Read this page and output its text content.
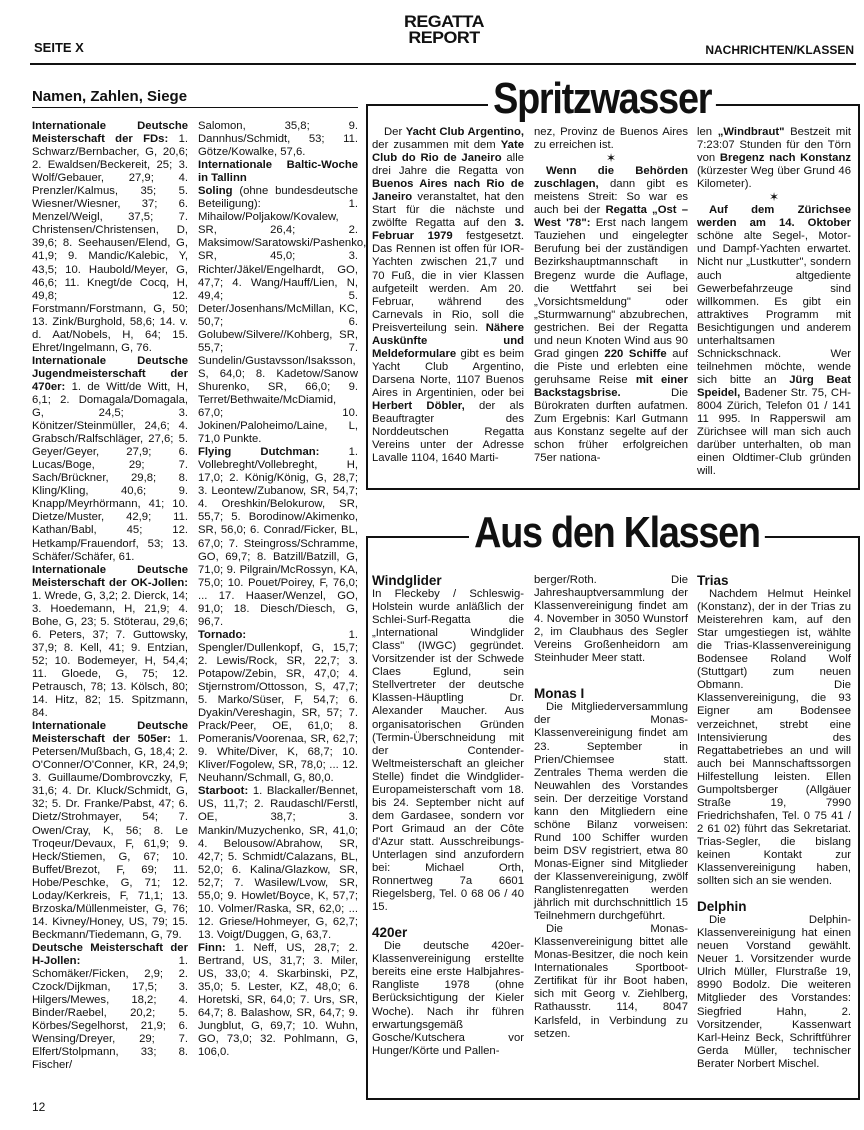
SEITE X
REGATTA
REPORT
NACHRICHTEN/KLASSEN
Namen, Zahlen, Siege

Internationale Deutsche Meisterschaft der FDs: 1. Schwarz/Bernbacher, G, 20,6; 2. Ewaldsen/Beckereit, 25; 3. Wolf/Gebauer, 27,9; 4. Prenzler/Kalmus, 35; 5. Wiesner/Wiesner, 37; 6. Menzel/Weigl, 37,5; 7. Christensen/Christensen, D, 39,6; 8. Seehausen/Elend, G, 41,9; 9. Mandic/Kalebic, Y, 43,5; 10. Haubold/Meyer, G, 46,6; 11. Knegt/de Cocq, H, 49,8; 12. Forstmann/Forstmann, G, 50; 13. Zink/Burghold, 58,6; 14. v. d. Aat/Nobels, H, 64; 15. Ehret/Ingelmann, G, 76.

Internationale Deutsche Jugendmeisterschaft der 470er: 1. de Witt/de Witt, H, 6,1; 2. Domagala/Domagala, G, 24,5; 3. Könitzer/Steinmüller, 24,6; 4. Grabsch/Ralfschläger, 27,6; 5. Geyer/Geyer, 27,9; 6. Lucas/Boge, 29; 7. Sach/Brückner, 29,8; 8. Kling/Kling, 40,6; 9. Knapp/Meyrhörmann, 41; 10. Dietze/Muster, 42,9; 11. Kathan/Babl, 45; 12. Hetkamp/Frauendorf, 53; 13. Schäfer/Schäfer, 61.

Internationale Deutsche Meisterschaft der OK-Jollen: 1. Wrede, G, 3,2; 2. Dierck, 14; 3. Hoedemann, H, 21,9; 4. Bohe, G, 23; 5. Stöterau, 29,6; 6. Peters, 37; 7. Guttowsky, 37,9; 8. Kell, 41; 9. Entzian, 52; 10. Bodemeyer, H, 54,4; 11. Gloede, G, 75; 12. Petrausch, 78; 13. Kölsch, 80; 14. Hitz, 82; 15. Spitzmann, 84.

Internationale Deutsche Meisterschaft der 505er: 1. Petersen/Mußbach, G, 18,4; 2. O'Conner/O'Conner, KR, 24,9; 3. Guillaume/Dombrovczky, F, 31,6; 4. Dr. Kluck/Schmidt, G, 32; 5. Dr. Franke/Pabst, 47; 6. Dietz/Strohmayer, 54; 7. Owen/Cray, K, 56; 8. Le Troqeur/Devaux, F, 61,9; 9. Heck/Stiemen, G, 67; 10. Buffet/Brezot, F, 69; 11. Hobe/Peschke, G, 71; 12. Loday/Kerkreis, F, 71,1; 13. Brzoska/Müllenmeister, G, 76; 14. Kivney/Honey, US, 79; 15. Beckmann/Tiedemann, G, 79.

Deutsche Meisterschaft der H-Jollen: 1. Schomäker/Ficken, 2,9; 2. Czock/Dijkman, 17,5; 3. Hilgers/Mewes, 18,2; 4. Binder/Raebel, 20,2; 5. Körbes/Segelhorst, 21,9; 6. Wensing/Dreyer, 29; 7. Elfert/Stolpmann, 33; 8. Fischer/

Salomon, 35,8; 9. Dannhus/Schmidt, 53; 11. Götze/Kowalke, 57,6.

Internationale Baltic-Woche in Tallinn

Soling (ohne bundesdeutsche Beteiligung): 1. Mihailow/Poljakow/Kovalew, SR, 26,4; 2. Maksimow/Saratowski/Pashenko, SR, 45,0; 3. Richter/Jäkel/Engelhardt, GO, 47,7; 4. Wang/Hauff/Lien, N, 49,4; 5. Deter/Josenhans/McMillan, KC, 50,7; 6. Golubew/Silvere//Kohberg, SR, 55,7; 7. Sundelin/Gustavsson/Isaksson, S, 64,0; 8. Kadetow/Sanow Shurenko, SR, 66,0; 9. Terret/Bethwaite/McDiamid, 67,0; 10. Jokinen/Paloheimo/Laine, L, 71,0 Punkte.

Flying Dutchman: 1. Vollebreght/Vollebreght, H, 17,0; 2. König/König, G, 28,7; 3. Leontew/Zubanow, SR, 54,7; 4. Oreshkin/Belokurow, SR, 55,7; 5. Borodinow/Akimenko, SR, 56,0; 6. Conrad/Ficker, BL, 67,0; 7. Steingross/Schramme, GO, 69,7; 8. Batzill/Batzill, G, 71,0; 9. Pilgrain/McRossyn, KA, 75,0; 10. Pouet/Poirey, F, 76,0; ... 17. Haaser/Wenzel, GO, 91,0; 18. Diesch/Diesch, G, 96,7.

Tornado: 1. Spengler/Dullenkopf, G, 15,7; 2. Lewis/Rock, SR, 22,7; 3. Potapow/Zebin, SR, 47,0; 4. Stjernstrom/Ottosson, S, 47,7; 5. Marko/Süser, F, 54,7; 6. Dyakin/Vereshagin, SR, 57; 7. Prack/Peer, OE, 61,0; 8. Pomeranis/Voorenaa, SR, 62,7; 9. White/Diver, K, 68,7; 10. Kliver/Fogolew, SR, 78,0; ... 12. Neuhann/Schmall, G, 80,0.

Starboot: 1. Blackaller/Bennet, US, 11,7; 2. Raudaschl/Ferstl, OE, 38,7; 3. Mankin/Muzychenko, SR, 41,0; 4. Belousow/Abrahow, SR, 42,7; 5. Schmidt/Calazans, BL, 52,0; 6. Kalina/Glazkow, SR, 52,7; 7. Wasilew/Lvow, SR, 55,0; 9. Howlet/Boyce, K, 57,7; 10. Volmer/Raska, SR, 62,0; ... 12. Griese/Hohmeyer, G, 62,7; 13. Voigt/Duggen, G, 63,7.

Finn: 1. Neff, US, 28,7; 2. Bertrand, US, 31,7; 3. Miler, US, 33,0; 4. Skarbinski, PZ, 35,0; 5. Lester, KZ, 48,0; 6. Horetski, SR, 64,0; 7. Urs, SR, 64,7; 8. Balashow, SR, 64,7; 9. Jungblut, G, 69,7; 10. Wuhn, GO, 73,0; 32. Pohlmann, G, 106,0.

Spritzwasser

Der Yacht Club Argentino, der zusammen mit dem Yate Club do Rio de Janeiro alle drei Jahre die Regatta von Buenos Aires nach Rio de Janeiro veranstaltet, hat den Start für die nächste und zwölfte Regatta auf den 3. Februar 1979 festgesetzt. Das Rennen ist offen für IOR-Yachten zwischen 21,7 und 70 Fuß, die in vier Klassen aufgeteilt werden. Am 20. Februar, während des Carnevals in Rio, soll die Preisverteilung sein. Nähere Auskünfte und Meldeformulare gibt es beim Yacht Club Argentino, Darsena Norte, 1107 Buenos Aires in Argentinien, oder bei Herbert Döbler, der als Beauftragter des Norddeutschen Regatta Vereins unter der Adresse Lavalle 1104, 1640 Marti-

nez, Provinz de Buenos Aires zu erreichen ist.

✶

Wenn die Behörden zuschlagen, dann gibt es meistens Streit: So war es auch bei der Regatta „Ost – West '78": Erst nach langem Tauziehen und eingelegter Berufung bei der zuständigen Bezirkshauptmannschaft in Bregenz wurde die Auflage, die Wettfahrt sei bei „Vorsichtsmeldung" oder „Sturmwarnung" abzubrechen, gestrichen. Bei der Regatta und neun Knoten Wind aus 90 Grad gingen 220 Schiffe auf die Piste und erlebten eine geruhsame Reise mit einer Backstagsbrise. Die Bürokraten durften aufatmen. Zum Ergebnis: Karl Gutmann aus Konstanz segelte auf der schon früher erfolgreichen 75er nationa-

len „Windbraut" Bestzeit mit 7:23:07 Stunden für den Törn von Bregenz nach Konstanz (kürzester Weg über Grund 46 Kilometer).

✶

Auf dem Zürichsee werden am 14. Oktober schöne alte Segel-, Motor- und Dampf-Yachten erwartet. Nicht nur „Lustkutter", sondern auch altgediente Gewerbefahrzeuge sind willkommen. Es gibt ein attraktives Programm mit Besichtigungen und anderem unterhaltsamen Schnickschnack. Wer teilnehmen möchte, wende sich bitte an Jürg Beat Speidel, Badener Str. 75, CH-8004 Zürich, Telefon 01 / 141 11 995. In Rapperswil am Zürichsee will man sich auch darüber unterhalten, ob man einen Oldtimer-Club gründen will.

Aus den Klassen
Windglider

In Fleckeby / Schleswig-Holstein wurde anläßlich der Schlei-Surf-Regatta die „International Windglider Class" (IWGC) gegründet. Vorsitzender ist der Schwede Claes Eglund, sein Stellvertreter der deutsche Klassen-Häuptling Dr. Alexander Maucher. Aus organisatorischen Gründen (Termin-Überschneidung mit der Contender-Weltmeisterschaft an gleicher Stelle) findet die Windglider-Europameisterschaft vom 18. bis 24. September nicht auf dem Gardasee, sondern vor Port Grimaud an der Côte d'Azur statt. Ausschreibungs-Unterlagen sind anzufordern bei: Michael Orth, Ronnertweg 7a 6601 Riegelsberg, Tel. 0 68 06 / 40 15.

420er

Die deutsche 420er-Klassenvereinigung erstellte bereits eine erste Halbjahres-Rangliste 1978 (ohne Berücksichtigung der Kieler Woche). Nach ihr führen erwartungsgemäß Gosche/Kutschera vor Hunger/Körte und Pallen-

berger/Roth. Die Jahreshauptversammlung der Klassenvereinigung findet am 4. November in 3050 Wunstorf 2, im Claubhaus des Segler Vereins Großenheidorn am Steinhuder Meer statt.

Monas I

Die Mitgliederversammlung der Monas-Klassenvereinigung findet am 23. September in Prien/Chiemsee statt. Zentrales Thema werden die Neuwahlen des Vorstandes sein. Der derzeitige Vorstand kann den Mitgliedern eine schöne Bilanz vorweisen: Rund 100 Schiffer wurden beim DSV registriert, etwa 80 Monas-Eigner sind Mitglieder der Klassenvereinigung, zwölf Ranglistenregatten werden jährlich mit durchschnittlich 15 Teilnehmern durchgeführt.

Die Monas-Klassenvereinigung bittet alle Monas-Besitzer, die noch kein Internationales Sportboot-Zertifikat für ihr Boot haben, sich mit Georg v. Ziehlberg, Rathausstr. 114, 8047 Karlsfeld, in Verbindung zu setzen.

Trias

Nachdem Helmut Heinkel (Konstanz), der in der Trias zu Meisterehren kam, auf den Star umgestiegen ist, wählte die Trias-Klassenvereinigung Bodensee Roland Wolf (Stuttgart) zum neuen Obmann. Die Klassenvereinigung, die 93 Eigner am Bodensee verzeichnet, strebt eine Intensivierung des Regattabetriebes an und will auch bei Mannschaftssorgen Hilfestellung leisten. Ellen Gumpoltsberger (Allgäuer Straße 19, 7990 Friedrichshafen, Tel. 0 75 41 / 2 61 02) führt das Sekretariat. Trias-Segler, die bislang keinen Kontakt zur Klassenvereinigung haben, sollten sich an sie wenden.

Delphin

Die Delphin-Klassenvereinigung hat einen neuen Vorstand gewählt. Neuer 1. Vorsitzender wurde Ulrich Müller, Flurstraße 19, 8990 Bodolz. Die weiteren Mitglieder des Vorstandes: Siegfried Hahn, 2. Vorsitzender, Kassenwart Karl-Heinz Beck, Schriftführer Gerda Müller, technischer Berater Norbert Mischel.

12
